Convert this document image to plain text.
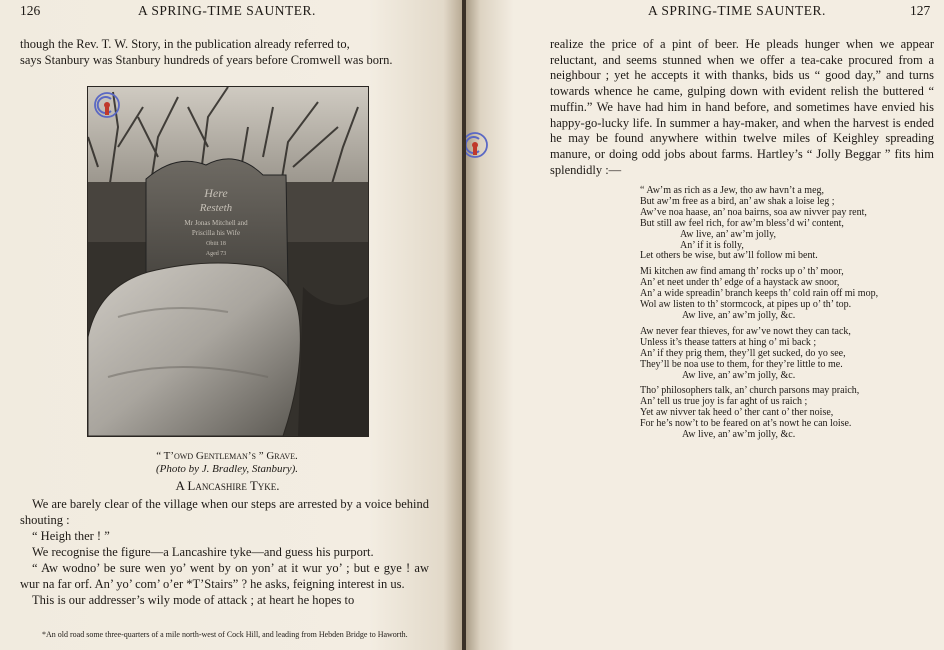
126	A SPRING-TIME SAUNTER.
though the Rev. T. W. Story, in the publication already referred to,
says Stanbury was Stanbury hundreds of years before Cromwell was born.
Here
Resteth
Mr Jonas Mitchell and
Priscilla his Wife
Obiit 18
Aged 73
“ T’owd Gentleman’s ” Grave.
(Photo by J. Bradley, Stanbury).
A Lancashire Tyke.

We are barely clear of the village when our steps are arrested by a voice behind shouting :

“ Heigh ther ! ”

We recognise the figure—a Lancashire tyke—and guess his purport.

“ Aw wodno’ be sure wen yo’ went by on yon’ at it wur yo’ ; but e gye ! aw wur na far orf. An’ yo’ com’ o’er *T’Stairs” ? he asks, feigning interest in us.

This is our addresser’s wily mode of attack ; at heart he hopes to

*An old road some three-quarters of a mile north-west of Cock Hill, and leading from Hebden Bridge to Haworth.
A SPRING-TIME SAUNTER.	127
realize the price of a pint of beer. He pleads hunger when we appear reluctant, and seems stunned when we offer a tea-cake procured from a neighbour ; yet he accepts it with thanks, bids us “ good day,” and turns towards whence he came, gulping down with evident relish the buttered “ muffin.” We have had him in hand before, and sometimes have envied his happy-go-lucky life. In summer a hay-maker, and when the harvest is ended he may be found anywhere within twelve miles of Keighley spreading manure, or doing odd jobs about farms. Hartley’s “ Jolly Beggar ” fits him splendidly :—
“ Aw’m as rich as a Jew, tho aw havn’t a meg,
But aw’m free as a bird, an’ aw shak a loise leg ;
Aw’ve noa haase, an’ noa bairns, soa aw nivver pay rent,
But still aw feel rich, for aw’m bless’d wi’ content,
Aw live, an’ aw’m jolly,
An’ if it is folly,
Let others be wise, but aw’ll follow mi bent.
Mi kitchen aw find amang th’ rocks up o’ th’ moor,
An’ et neet under th’ edge of a haystack aw snoor,
An’ a wide spreadin’ branch keeps th’ cold rain off mi mop,
Wol aw listen to th’ stormcock, at pipes up o’ th’ top.
Aw live, an’ aw’m jolly, &c.
Aw never fear thieves, for aw’ve nowt they can tack,
Unless it’s thease tatters at hing o’ mi back ;
An’ if they prig them, they’ll get sucked, do yo see,
They’ll be noa use to them, for they’re little to me.
Aw live, an’ aw’m jolly, &c.
Tho’ philosophers talk, an’ church parsons may praich,
An’ tell us true joy is far aght of us raich ;
Yet aw nivver tak heed o’ ther cant o’ ther noise,
For he’s now’t to be feared on at’s nowt he can loise.
Aw live, an’ aw’m jolly, &c.
